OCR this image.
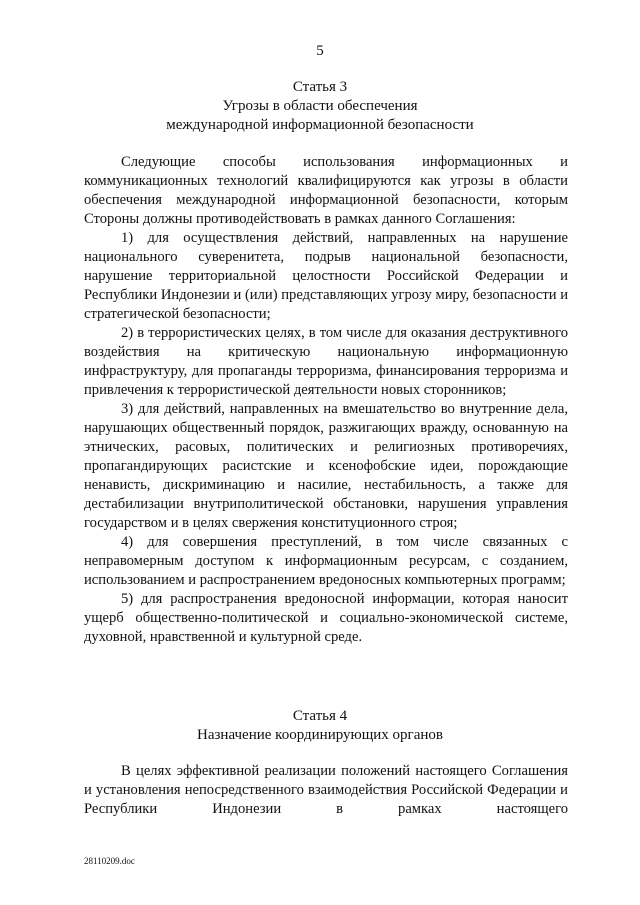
5
Статья 3
Угрозы в области обеспечения
международной информационной безопасности

Следующие способы использования информационных и коммуникационных технологий квалифицируются как угрозы в области обеспечения международной информационной безопасности, которым Стороны должны противодействовать в рамках данного Соглашения:

1) для осуществления действий, направленных на нарушение национального суверенитета, подрыв национальной безопасности, нарушение территориальной целостности Российской Федерации и Республики Индонезии и (или) представляющих угрозу миру, безопасности и стратегической безопасности;

2) в террористических целях, в том числе для оказания деструктивного воздействия на критическую национальную информационную инфраструктуру, для пропаганды терроризма, финансирования терроризма и привлечения к террористической деятельности новых сторонников;

3) для действий, направленных на вмешательство во внутренние дела, нарушающих общественный порядок, разжигающих вражду, основанную на этнических, расовых, политических и религиозных противоречиях, пропагандирующих расистские и ксенофобские идеи, порождающие ненависть, дискриминацию и насилие, нестабильность, а также для дестабилизации внутриполитической обстановки, нарушения управления государством и в целях свержения конституционного строя;

4) для совершения преступлений, в том числе связанных с неправомерным доступом к информационным ресурсам, с созданием, использованием и распространением вредоносных компьютерных программ;

5) для распространения вредоносной информации, которая наносит ущерб общественно-политической и социально-экономической системе, духовной, нравственной и культурной среде.

Статья 4
Назначение координирующих органов

В целях эффективной реализации положений настоящего Соглашения и установления непосредственного взаимодействия Российской Федерации и Республики Индонезии в рамках настоящего

28110209.doc
